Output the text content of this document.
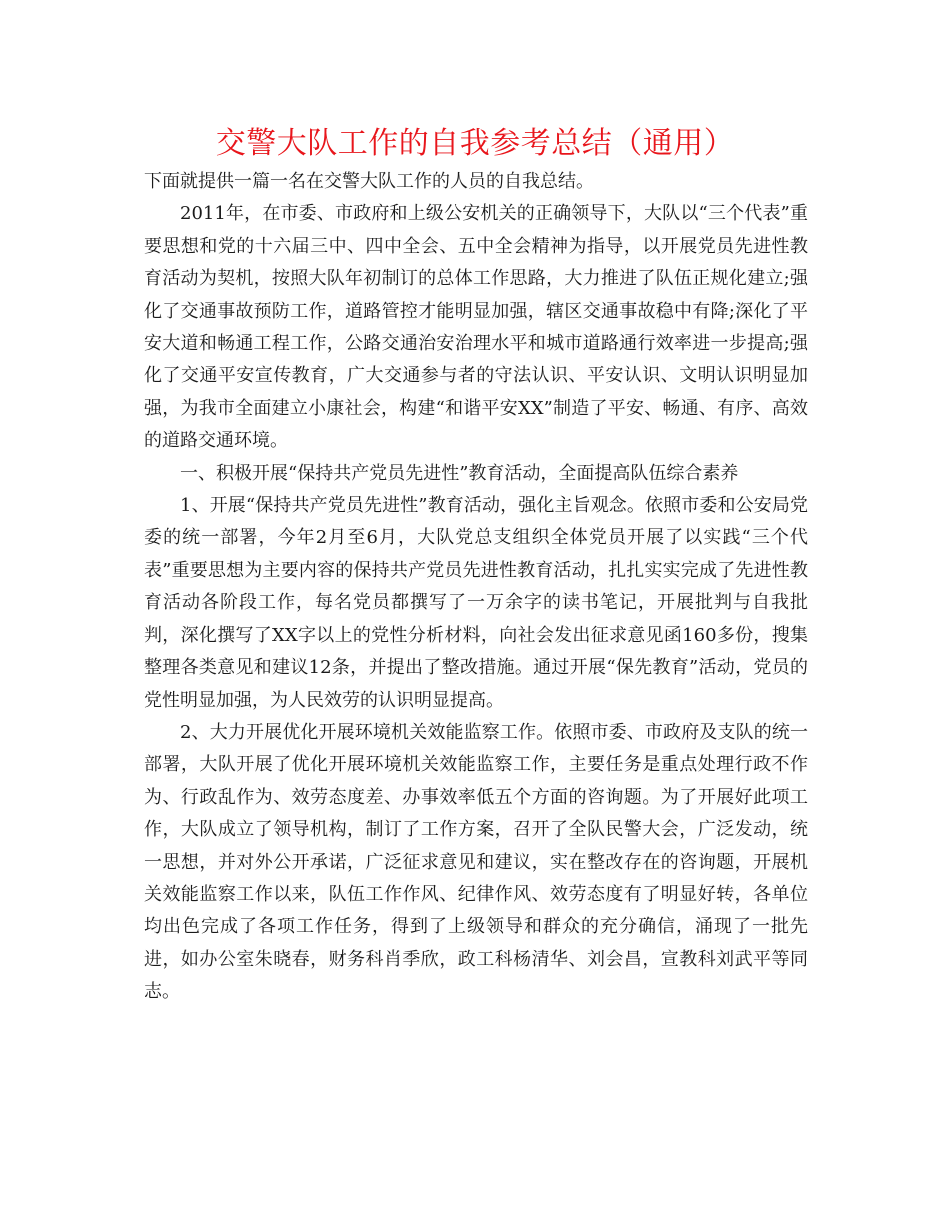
交警大队工作的自我参考总结（通用）

下面就提供一篇一名在交警大队工作的人员的自我总结。

2011年，在市委、市政府和上级公安机关的正确领导下，大队以“三个代表”重要思想和党的十六届三中、四中全会、五中全会精神为指导，以开展党员先进性教育活动为契机，按照大队年初制订的总体工作思路，大力推进了队伍正规化建立;强化了交通事故预防工作，道路管控才能明显加强，辖区交通事故稳中有降;深化了平安大道和畅通工程工作，公路交通治安治理水平和城市道路通行效率进一步提高;强化了交通平安宣传教育，广大交通参与者的守法认识、平安认识、文明认识明显加强，为我市全面建立小康社会，构建“和谐平安XX”制造了平安、畅通、有序、高效的道路交通环境。

一、积极开展“保持共产党员先进性”教育活动，全面提高队伍综合素养

1、开展“保持共产党员先进性”教育活动，强化主旨观念。依照市委和公安局党委的统一部署，今年2月至6月，大队党总支组织全体党员开展了以实践“三个代表”重要思想为主要内容的保持共产党员先进性教育活动，扎扎实实完成了先进性教育活动各阶段工作，每名党员都撰写了一万余字的读书笔记，开展批判与自我批判，深化撰写了XX字以上的党性分析材料，向社会发出征求意见函160多份，搜集整理各类意见和建议12条，并提出了整改措施。通过开展“保先教育”活动，党员的党性明显加强，为人民效劳的认识明显提高。

2、大力开展优化开展环境机关效能监察工作。依照市委、市政府及支队的统一部署，大队开展了优化开展环境机关效能监察工作，主要任务是重点处理行政不作为、行政乱作为、效劳态度差、办事效率低五个方面的咨询题。为了开展好此项工作，大队成立了领导机构，制订了工作方案，召开了全队民警大会，广泛发动，统一思想，并对外公开承诺，广泛征求意见和建议，实在整改存在的咨询题，开展机关效能监察工作以来，队伍工作作风、纪律作风、效劳态度有了明显好转，各单位均出色完成了各项工作任务，得到了上级领导和群众的充分确信，涌现了一批先进，如办公室朱晓春，财务科肖季欣，政工科杨清华、刘会昌，宣教科刘武平等同志。
